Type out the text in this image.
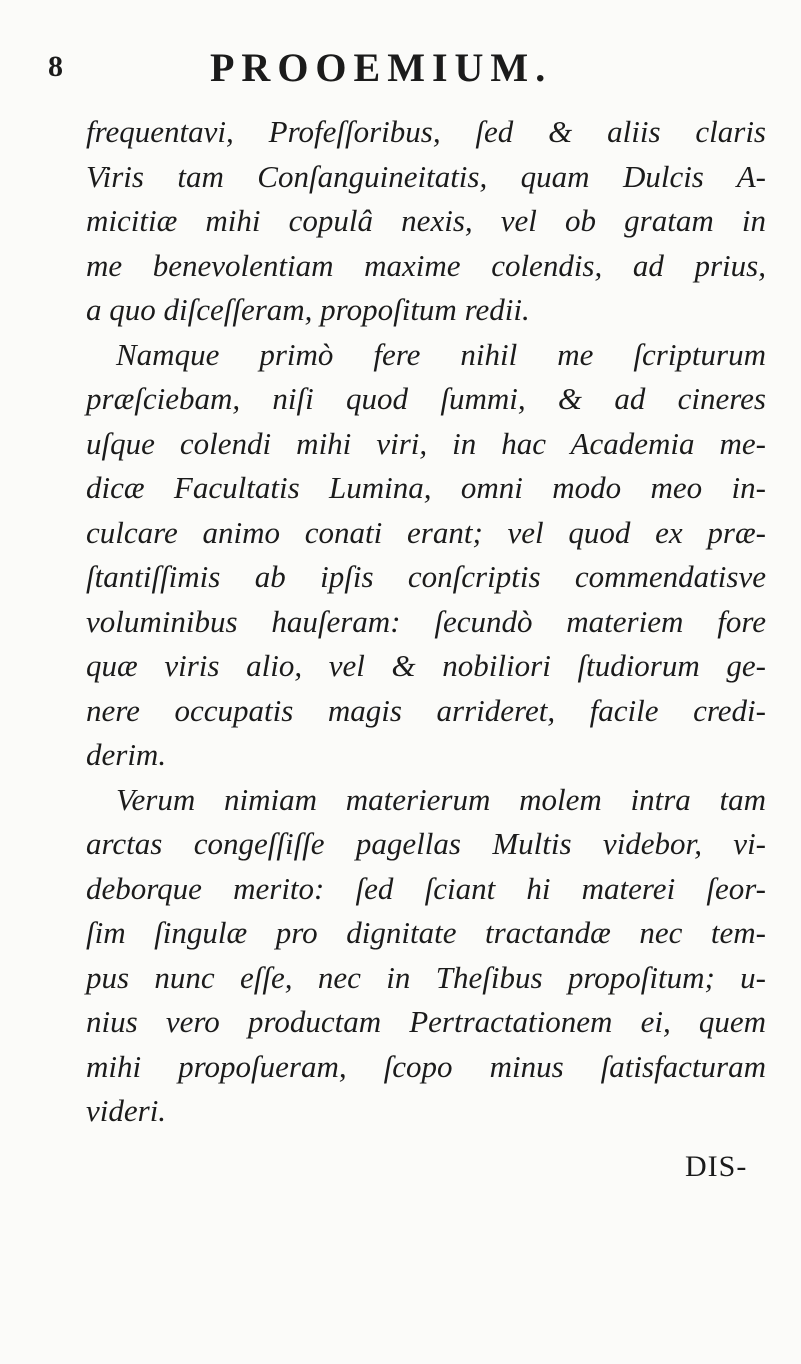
8	PROOEMIUM.
frequentavi, Profeſſoribus, ſed & aliis claris
Viris tam Conſanguineitatis, quam Dulcis A-
micitiæ mihi copulâ nexis, vel ob gratam in
me benevolentiam maxime colendis, ad prius,
a quo diſceſſeram, propoſitum redii.
Namque primò fere nihil me ſcripturum
præſciebam, niſi quod ſummi, & ad cineres
uſque colendi mihi viri, in hac Academia me-
dicæ Facultatis Lumina, omni modo meo in-
culcare animo conati erant; vel quod ex præ-
ſtantiſſimis ab ipſis conſcriptis commendatisve
voluminibus hauſeram: ſecundò materiem fore
quæ viris alio, vel & nobiliori ſtudiorum ge-
nere occupatis magis arrideret, facile credi-
derim.
Verum nimiam materierum molem intra tam
arctas congeſſiſſe pagellas Multis videbor, vi-
deborque merito: ſed ſciant hi materei ſeor-
ſim ſingulæ pro dignitate tractandæ nec tem-
pus nunc eſſe, nec in Theſibus propoſitum; u-
nius vero productam Pertractationem ei, quem
mihi propoſueram, ſcopo minus ſatisfacturam
videri.
DIS-
